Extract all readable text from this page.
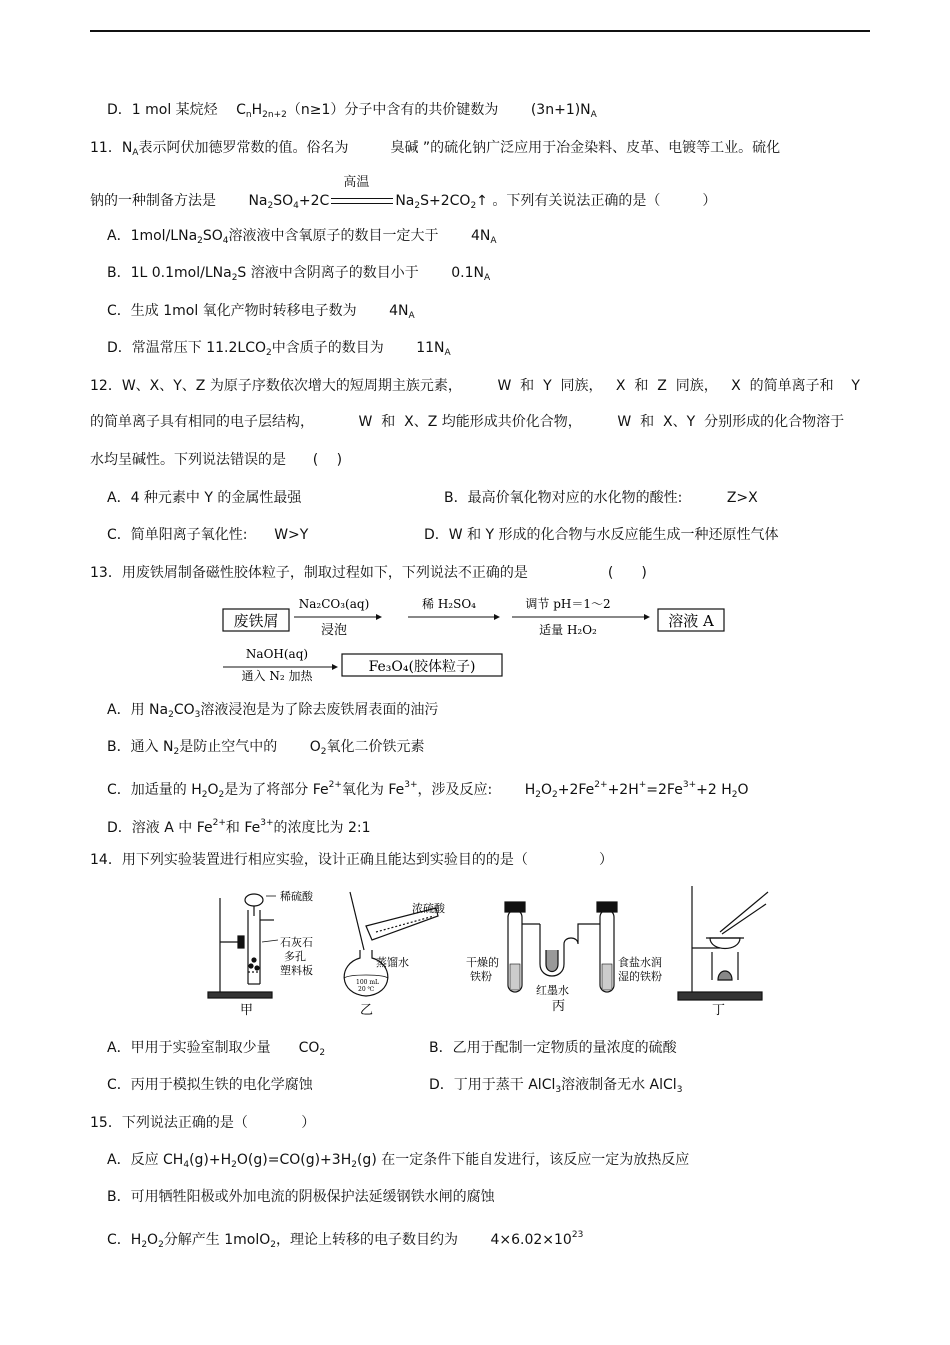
D．1 mol 某烷烃 $C_nH_{2n+2}(n\ge 1)$分子中含有的共价键数为 $(3n+1)N_A$
11．$N_A$表示阿伏加德罗常数的值。俗名为	臭碱 ”的硫化钠广泛应用于冶金染料、皮革、电镀等工业。硫化
钠的一种制备方法是 $Na_2SO_4+2C$
高温
$Na_2S+2CO_2↑$ 。下列有关说法正确的是（　　　）
A．$1mol/LNa_2SO_4$溶液液中含氧原子的数目一定大于 $4N_A$
B．1L 0.1mol/LNa$_2$S 溶液中含阴离子的数目小于 $0.1N_A$
C．生成 1mol 氧化产物时转移电子数为 $4N_A$
D．常温常压下 $11.2LCO_2$中含质子的数目为 $11N_A$
12．W、X、Y、Z 为原子序数依次增大的短周期主族元素，        W  和  Y  同族，   X  和  Z  同族，   X  的简单离子和    Y
的简单离子具有相同的电子层结构，          W  和  X、Z 均能形成共价化合物，        W  和  X、Y  分别形成的化合物溶于
水均呈碱性。下列说法错误的是      ( 　)
A．4 种元素中 Y 的金属性最强	B．最高价氧化物对应的水化物的酸性:          Z>X
C．简单阳离子氧化性:      W>Y	D．W 和 Y 形成的化合物与水反应能生成一种还原性气体
13．用废铁屑制备磁性胶体粒子，制取过程如下，下列说法不正确的是                  (　　)
废铁屑
Na₂CO₃(aq)
浸泡
稀 H₂SO₄	调节 pH＝1～2
适量 H₂O₂	溶液 A
NaOH(aq)
通入 N₂ 加热
Fe₃O₄(胶体粒子)
A．用 $Na_2CO_3$溶液浸泡是为了除去废铁屑表面的油污
B．通入 $N_2$是防止空气中的 $O_2$氧化二价铁元素
C．加适量的 $H_2O_2$是为了将部分 $Fe^{2+}$氧化为 $Fe^{3+}$，涉及反应: $H_2O_2+2Fe^{2+}+2H^+=2Fe^{3+}+2$ $H_2O$
D．溶液 A 中 $Fe^{2+}$和 $Fe^{3+}$的浓度比为 2:1
14．用下列实验装置进行相应实验，设计正确且能达到实验目的的是（                ）
稀硫酸
石灰石
多孔
塑料板
甲
浓硫酸
蒸馏水
100 mL
20 ℃
乙
干燥的
铁粉
红墨水
食盐水润
湿的铁粉
丙	丁
A．甲用于实验室制取少量 $CO_2$	B．乙用于配制一定物质的量浓度的硫酸
C．丙用于模拟生铁的电化学腐蚀	D．丁用于蒸干 AlCl$_3$溶液制备无水 AlCl$_3$
15．下列说法正确的是（            ）
A．反应 $CH_4(g)+H_2O(g)=CO(g)+3H_2(g)$ 在一定条件下能自发进行，该反应一定为放热反应
B．可用牺牲阳极或外加电流的阴极保护法延缓钢铁水闸的腐蚀
C．$H_2O_2$分解产生 1molO$_2$，理论上转移的电子数目约为 $4\times 6.02\times 10^{23}$
